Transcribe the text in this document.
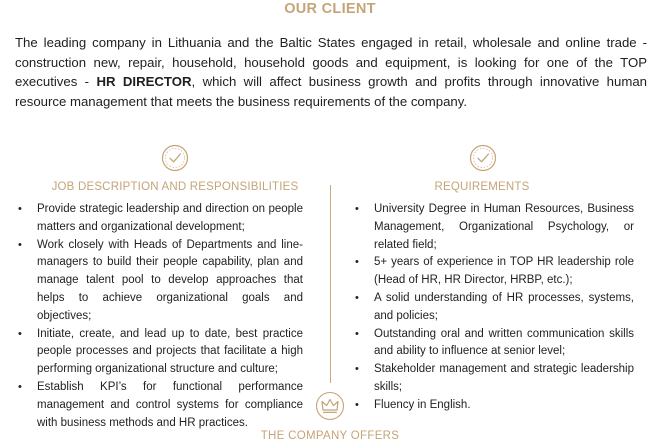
OUR CLIENT

The leading company in Lithuania and the Baltic States engaged in retail, wholesale and online trade - construction new, repair, household, household goods and equipment, is looking for one of the TOP executives - HR DIRECTOR, which will affect business growth and profits through innovative human resource management that meets the business requirements of the company.

JOB DESCRIPTION AND RESPONSIBILITIES	REQUIREMENTS
• Provide strategic leadership and direction on people matters and organizational development;
• Work closely with Heads of Departments and line-managers to build their people capability, plan and manage talent pool to develop approaches that helps to achieve organizational goals and objectives;
• Initiate, create, and lead up to date, best practice people processes and projects that facilitate a high performing organizational structure and culture;
• Establish KPI’s for functional performance management and control systems for compliance with business methods and HR practices.
• University Degree in Human Resources, Business Management, Organizational Psychology, or related field;
• 5+ years of experience in TOP HR leadership role (Head of HR, HR Director, HRBP, etc.);
• A solid understanding of HR processes, systems, and policies;
• Outstanding oral and written communication skills and ability to influence at senior level;
• Stakeholder management and strategic leadership skills;
• Fluency in English.
THE COMPANY OFFERS
